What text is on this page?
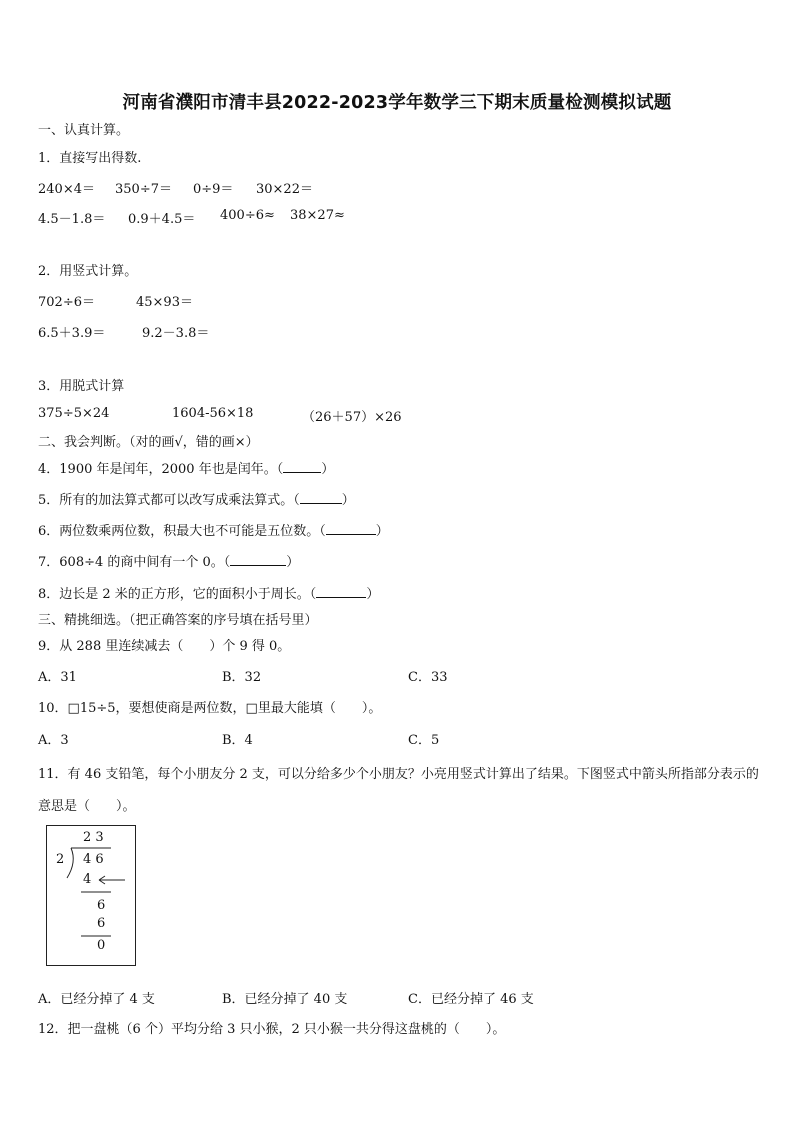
河南省濮阳市清丰县2022-2023学年数学三下期末质量检测模拟试题
一、认真计算。
1．直接写出得数.
240×4＝ 350÷7＝ 0÷9＝ 30×22＝
4.5－1.8＝ 0.9＋4.5＝ 400÷6≈ 38×27≈
2．用竖式计算。
702÷6＝	45×93＝
6.5＋3.9＝	9.2－3.8＝
3．用脱式计算
375÷5×24	1604-56×18	（26＋57）×26
二、我会判断。（对的画√，错的画×）
4．1900 年是闰年，2000 年也是闰年。（	）
5．所有的加法算式都可以改写成乘法算式。（	）
6．两位数乘两位数，积最大也不可能是五位数。（	）
7．608÷4 的商中间有一个 0。（	）
8．边长是 2 米的正方形，它的面积小于周长。（	）
三、精挑细选。（把正确答案的序号填在括号里）
9．从 288 里连续减去（　　）个 9 得 0。
A．31	B．32	C．33
10．□15÷5，要想使商是两位数，□里最大能填（　　）。
A．3	B．4	C．5
11．有 46 支铅笔，每个小朋友分 2 支，可以分给多少个小朋友？小亮用竖式计算出了结果。下图竖式中箭头所指部分表示的意思是（　　）。
2 3
2 4 6
4
6
6
0
A．已经分掉了 4 支	B．已经分掉了 40 支	C．已经分掉了 46 支
12．把一盘桃（6 个）平均分给 3 只小猴，2 只小猴一共分得这盘桃的（　　）。
